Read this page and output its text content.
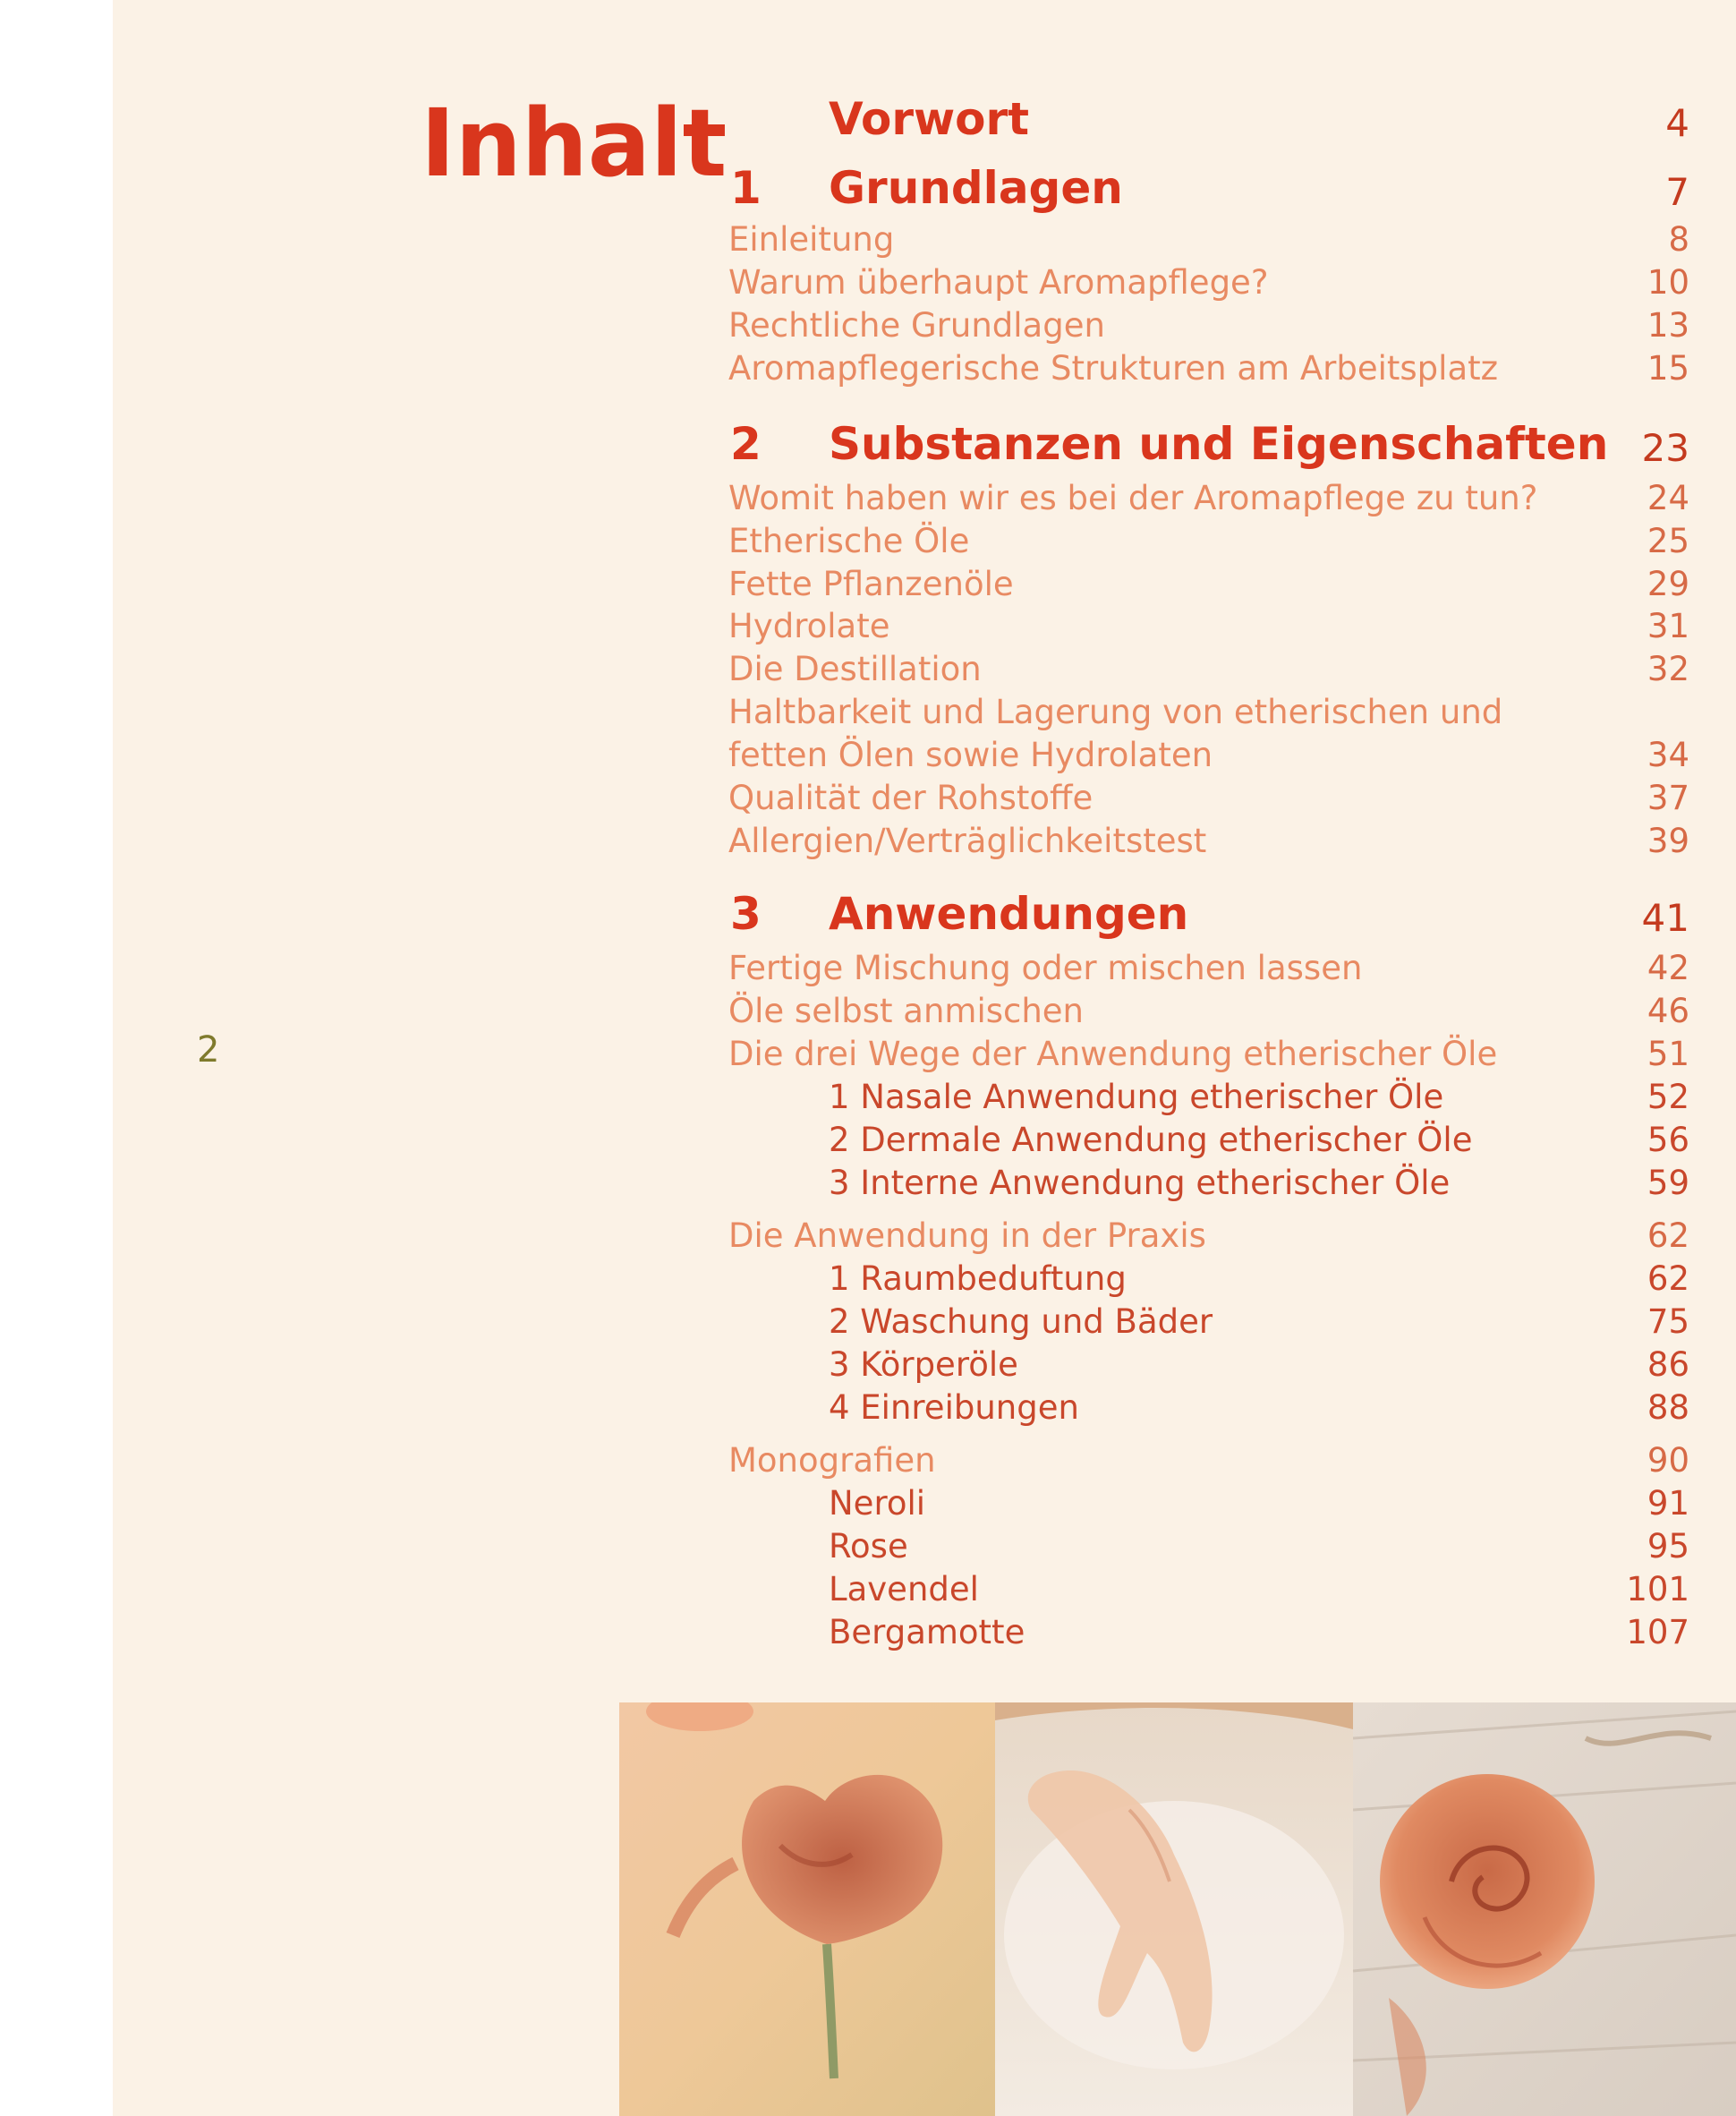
2
Inhalt Vorwort	4
1 Grundlagen	7
Einleitung	8
Warum überhaupt Aromapflege?	10
Rechtliche Grundlagen	13
Aromapflegerische Strukturen am Arbeitsplatz	15
2 Substanzen und Eigenschaften 23
Womit haben wir es bei der Aromapflege zu tun?	24
Etherische Öle	25
Fette Pflanzenöle	29
Hydrolate	31
Die Destillation	32
Haltbarkeit und Lagerung von etherischen und
fetten Ölen sowie Hydrolaten	34
Qualität der Rohstoffe	37
Allergien/Verträglichkeitstest	39
3 Anwendungen	41
Fertige Mischung oder mischen lassen	42
Öle selbst anmischen	46
Die drei Wege der Anwendung etherischer Öle	51
1 Nasale Anwendung etherischer Öle	52
2 Dermale Anwendung etherischer Öle	56
3 Interne Anwendung etherischer Öle	59
Die Anwendung in der Praxis	62
1 Raumbeduftung	62
2 Waschung und Bäder	75
3 Körperöle	86
4 Einreibungen	88
Monografien	90
Neroli	91
Rose	95
Lavendel	101
Bergamotte	107
